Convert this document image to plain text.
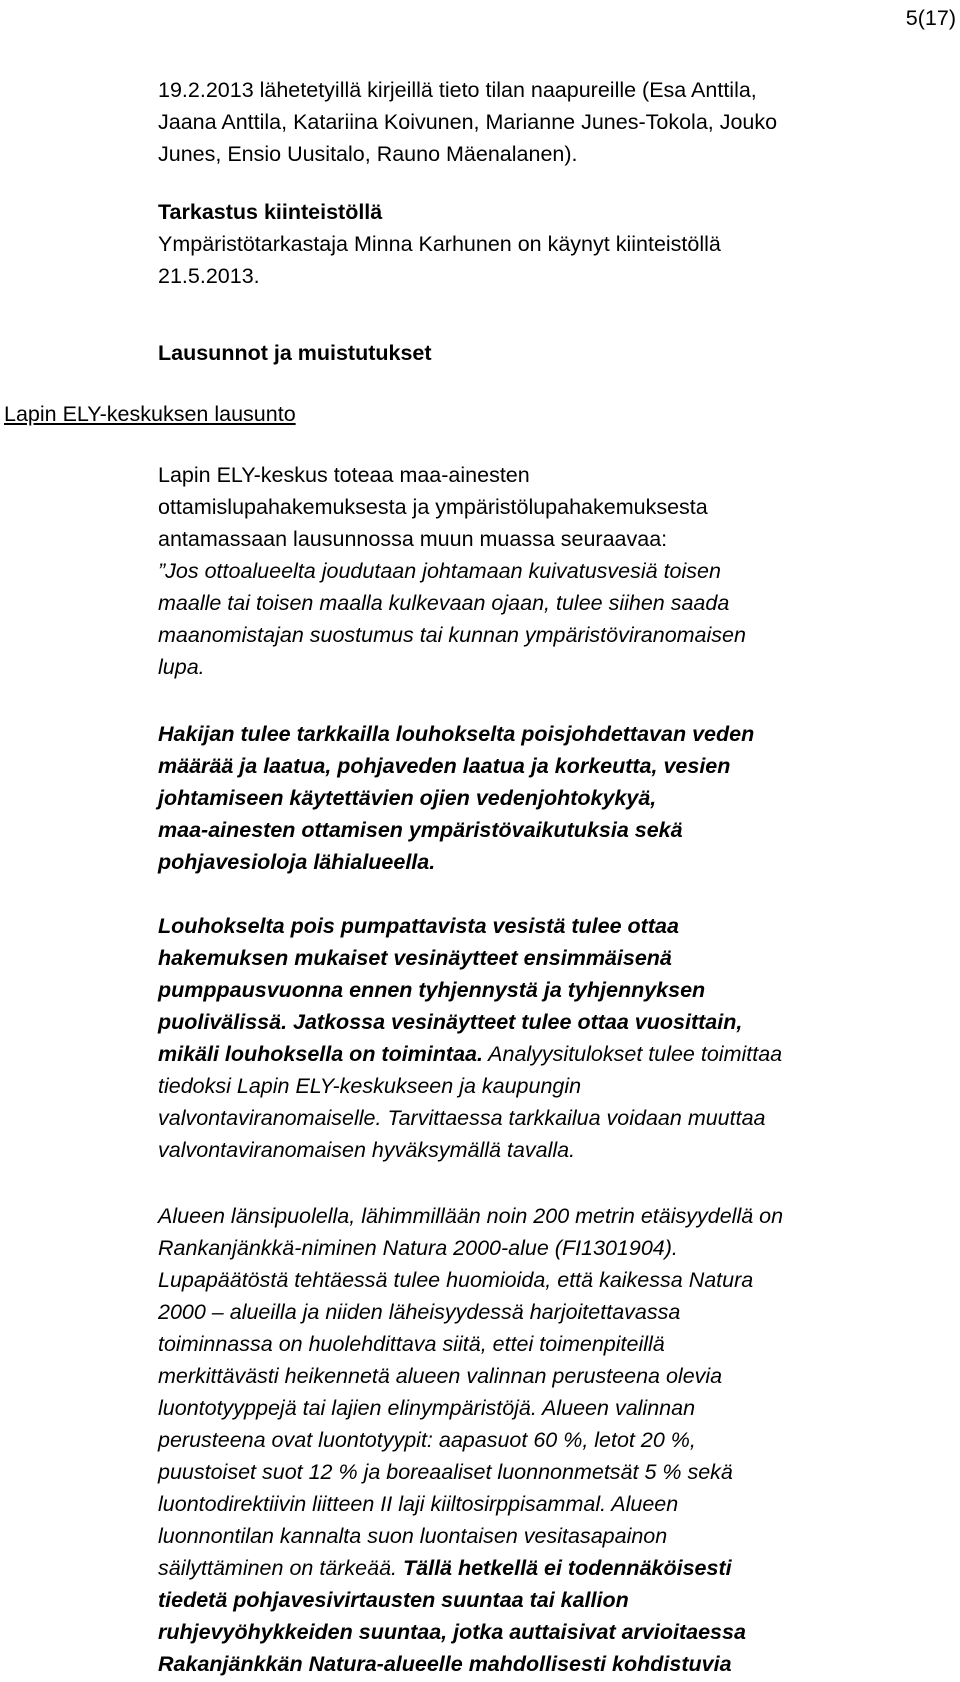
5(17)
Lapin ELY-keskuksen lausunto
19.2.2013 lähetetyillä kirjeillä tieto tilan naapureille (Esa Anttila,
Jaana Anttila, Katariina Koivunen, Marianne Junes-Tokola, Jouko
Junes, Ensio Uusitalo, Rauno Mäenalanen).
Tarkastus kiinteistöllä
Ympäristötarkastaja Minna Karhunen on käynyt kiinteistöllä
21.5.2013.
Lausunnot ja muistutukset
Lapin ELY-keskus toteaa maa-ainesten
ottamislupahakemuksesta ja ympäristölupahakemuksesta
antamassaan lausunnossa muun muassa seuraavaa:
”Jos ottoalueelta joudutaan johtamaan kuivatusvesiä toisen
maalle tai toisen maalla kulkevaan ojaan, tulee siihen saada
maanomistajan suostumus tai kunnan ympäristöviranomaisen
lupa.
Hakijan tulee tarkkailla louhokselta poisjohdettavan veden
määrää ja laatua, pohjaveden laatua ja korkeutta, vesien
johtamiseen käytettävien ojien vedenjohtokykyä,
maa-ainesten ottamisen ympäristövaikutuksia sekä
pohjavesioloja lähialueella.
Louhokselta pois pumpattavista vesistä tulee ottaa
hakemuksen mukaiset vesinäytteet ensimmäisenä
pumppausvuonna ennen tyhjennystä ja tyhjennyksen
puolivälissä. Jatkossa vesinäytteet tulee ottaa vuosittain,
mikäli louhoksella on toimintaa. Analyysitulokset tulee toimittaa
tiedoksi Lapin ELY-keskukseen ja kaupungin
valvontaviranomaiselle. Tarvittaessa tarkkailua voidaan muuttaa
valvontaviranomaisen hyväksymällä tavalla.
Alueen länsipuolella, lähimmillään noin 200 metrin etäisyydellä on
Rankanjänkkä-niminen Natura 2000-alue (FI1301904).
Lupapäätöstä tehtäessä tulee huomioida, että kaikessa Natura
2000 – alueilla ja niiden läheisyydessä harjoitettavassa
toiminnassa on huolehdittava siitä, ettei toimenpiteillä
merkittävästi heikennetä alueen valinnan perusteena olevia
luontotyyppejä tai lajien elinympäristöjä. Alueen valinnan
perusteena ovat luontotyypit: aapasuot 60 %, letot 20 %,
puustoiset suot 12 % ja boreaaliset luonnonmetsät 5 % sekä
luontodirektiivin liitteen II laji kiiltosirppisammal. Alueen
luonnontilan kannalta suon luontaisen vesitasapainon
säilyttäminen on tärkeää. Tällä hetkellä ei todennäköisesti
tiedetä pohjavesivirtausten suuntaa tai kallion
ruhjevyöhykkeiden suuntaa, jotka auttaisivat arvioitaessa
Rakanjänkkän Natura-alueelle mahdollisesti kohdistuvia
